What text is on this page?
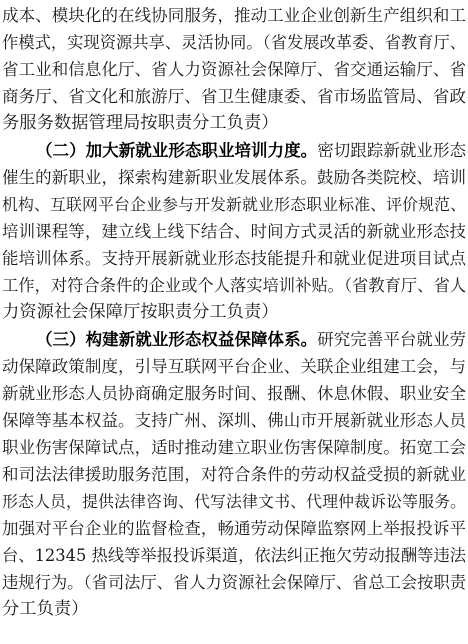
成本、模块化的在线协同服务，推动工业企业创新生产组织和工
作模式，实现资源共享、灵活协同。（省发展改革委、省教育厅、
省工业和信息化厅、省人力资源社会保障厅、省交通运输厅、省
商务厅、省文化和旅游厅、省卫生健康委、省市场监管局、省政
务服务数据管理局按职责分工负责）
（二）加大新就业形态职业培训力度。密切跟踪新就业形态
催生的新职业，探索构建新职业发展体系。鼓励各类院校、培训
机构、互联网平台企业参与开发新就业形态职业标准、评价规范、
培训课程等，建立线上线下结合、时间方式灵活的新就业形态技
能培训体系。支持开展新就业形态技能提升和就业促进项目试点
工作，对符合条件的企业或个人落实培训补贴。（省教育厅、省人
力资源社会保障厅按职责分工负责）
（三）构建新就业形态权益保障体系。研究完善平台就业劳
动保障政策制度，引导互联网平台企业、关联企业组建工会，与
新就业形态人员协商确定服务时间、报酬、休息休假、职业安全
保障等基本权益。支持广州、深圳、佛山市开展新就业形态人员
职业伤害保障试点，适时推动建立职业伤害保障制度。拓宽工会
和司法法律援助服务范围，对符合条件的劳动权益受损的新就业
形态人员，提供法律咨询、代写法律文书、代理仲裁诉讼等服务。
加强对平台企业的监督检查，畅通劳动保障监察网上举报投诉平
台、12345 热线等举报投诉渠道，依法纠正拖欠劳动报酬等违法
违规行为。（省司法厅、省人力资源社会保障厅、省总工会按职责
分工负责）
